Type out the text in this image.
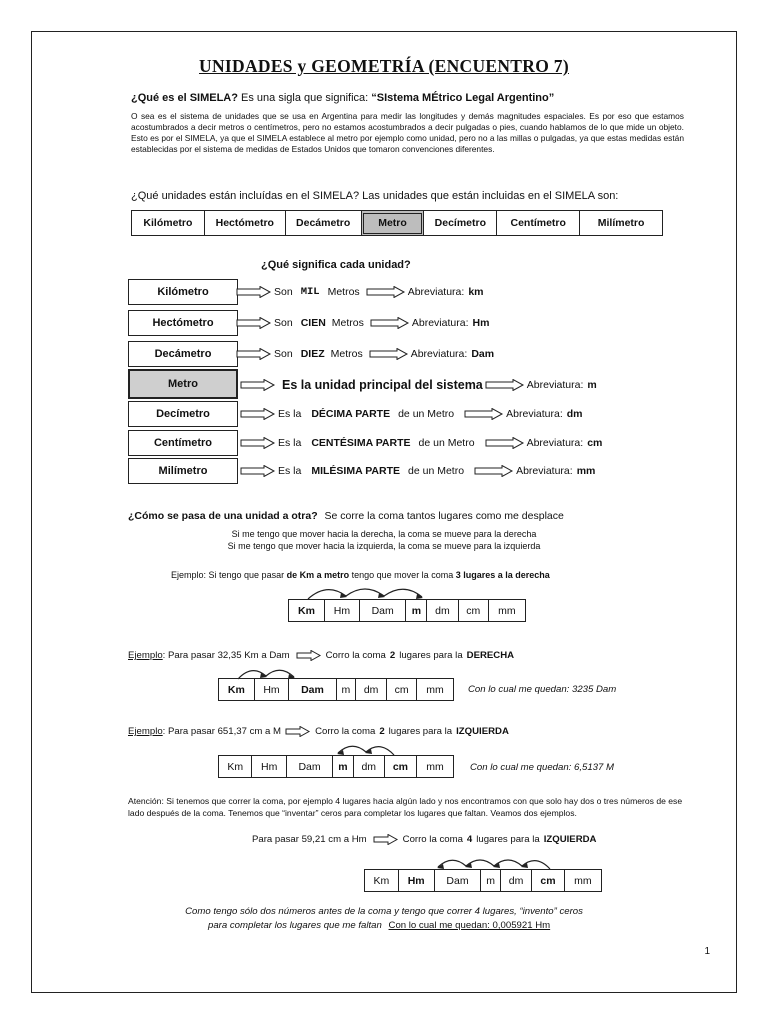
UNIDADES y GEOMETRÍA (ENCUENTRO 7)
¿Qué es el SIMELA? Es una sigla que significa: “SIstema MÉtrico Legal Argentino”
O sea es el sistema de unidades que se usa en Argentina para medir las longitudes y demás magnitudes espaciales. Es por eso que estamos acostumbrados a decir metros o centímetros, pero no estamos acostumbrados a decir pulgadas o pies, cuando hablamos de lo que mide un objeto. Esto es por el SIMELA, ya que el SIMELA establece al metro por ejemplo como unidad, pero no a las millas o pulgadas, ya que estas medidas están establecidas por el sistema de medidas de Estados Unidos que tomaron convenciones diferentes.
¿Qué unidades están incluídas en el SIMELA? Las unidades que están incluidas en el SIMELA son:
Kilómetro	Hectómetro	Decámetro	Metro	Decímetro	Centímetro	Milímetro
¿Qué significa cada unidad?
Kilómetro	Son MIL Metros	Abreviatura: km
Hectómetro	Son CIEN Metros	Abreviatura: Hm
Decámetro	Son DIEZ Metros	Abreviatura: Dam
Metro	Es la unidad principal del sistema	Abreviatura: m
Decímetro	Es la DÉCIMA PARTE de un Metro	Abreviatura: dm
Centímetro	Es la CENTÉSIMA PARTE de un Metro	Abreviatura: cm
Milímetro	Es la MILÉSIMA PARTE de un Metro	Abreviatura: mm
¿Cómo se pasa de una unidad a otra? Se corre la coma tantos lugares como me desplace
Si me tengo que mover hacia la derecha, la coma se mueve para la derecha
Si me tengo que mover hacia la izquierda, la coma se mueve para la izquierda
Ejemplo: Si tengo que pasar de Km a metro tengo que mover la coma 3 lugares a la derecha
Km	Hm	Dam	m	dm	cm	mm
Ejemplo : Para pasar 32,35 Km a Dam	Corro la coma 2 lugares para la DERECHA
Km	Hm	Dam	m	dm	cm	mm	Con lo cual me quedan: 3235 Dam
Ejemplo : Para pasar 651,37 cm a M	Corro la coma 2 lugares para la IZQUIERDA
Km	Hm	Dam	m	dm	cm	mm	Con lo cual me quedan: 6,5137 M
Atención: Si tenemos que correr la coma, por ejemplo 4 lugares hacia algún lado y nos encontramos con que solo hay dos o tres números de ese lado después de la coma. Tenemos que “inventar” ceros para completar los lugares que faltan. Veamos dos ejemplos.
Para pasar 59,21 cm a Hm	Corro la coma 4 lugares para la IZQUIERDA
Km	Hm	Dam	m	dm	cm	mm
Como tengo sólo dos números antes de la coma y tengo que correr 4 lugares, “invento” ceros
para completar los lugares que me faltan Con lo cual me quedan: 0,005921 Hm
1
